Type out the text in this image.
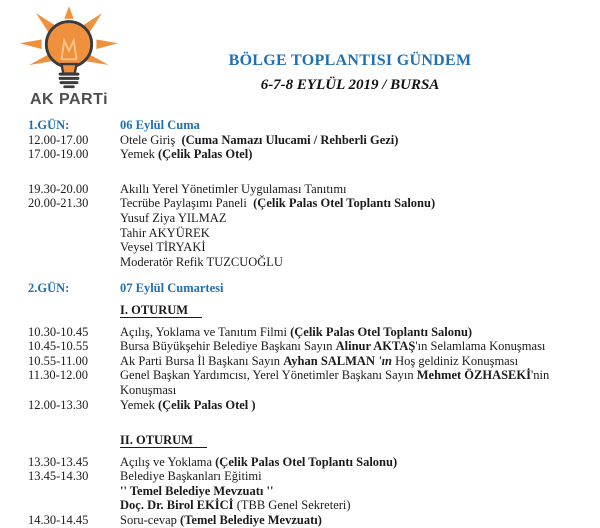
AK PARTi
BÖLGE TOPLANTISI GÜNDEM
6-7-8 EYLÜL 2019 / BURSA
1.GÜN:	06 Eylül Cuma
12.00-17.00	Otele Giriş  (Cuma Namazı Ulucami / Rehberli Gezi)
17.00-19.00	Yemek (Çelik Palas Otel)
19.30-20.00	Akıllı Yerel Yönetimler Uygulaması Tanıtımı
20.00-21.30	Tecrübe Paylaşımı Paneli  (Çelik Palas Otel Toplantı Salonu)
Yusuf Ziya YILMAZ
Tahir AKYÜREK
Veysel TİRYAKİ
Moderatör Refik TUZCUOĞLU
2.GÜN:	07 Eylül Cumartesi
I. OTURUM
10.30-10.45	Açılış, Yoklama ve Tanıtım Filmi (Çelik Palas Otel Toplantı Salonu)
10.45-10.55	Bursa Büyükşehir Belediye Başkanı Sayın Alinur AKTAŞ'ın Selamlama Konuşması
10.55-11.00	Ak Parti Bursa İl Başkanı Sayın Ayhan SALMAN 'ın Hoş geldiniz Konuşması
11.30-12.00	Genel Başkan Yardımcısı, Yerel Yönetimler Başkanı Sayın Mehmet ÖZHASEKİ'nin Konuşması
12.00-13.30	Yemek (Çelik Palas Otel )
II. OTURUM
13.30-13.45	Açılış ve Yoklama (Çelik Palas Otel Toplantı Salonu)
13.45-14.30	Belediye Başkanları Eğitimi
'' Temel Belediye Mevzuatı ''
Doç. Dr. Birol EKİCİ (TBB Genel Sekreteri)
14.30-14.45	Soru-cevap (Temel Belediye Mevzuatı)
